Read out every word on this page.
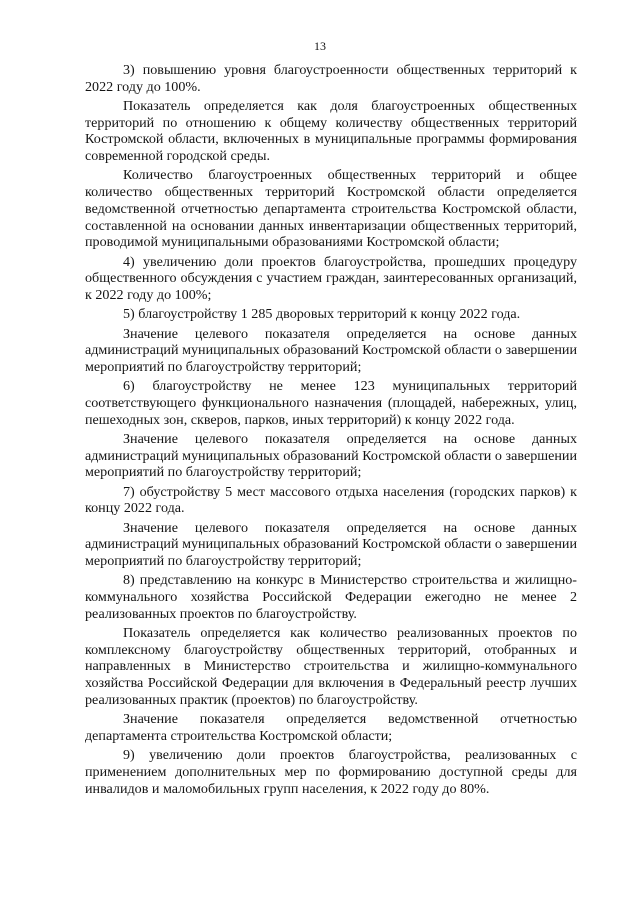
13

3) повышению уровня благоустроенности общественных территорий к 2022 году до 100%.

Показатель определяется как доля благоустроенных общественных территорий по отношению к общему количеству общественных территорий Костромской области, включенных в муниципальные программы формирования современной городской среды.

Количество благоустроенных общественных территорий и общее количество общественных территорий Костромской области определяется ведомственной отчетностью департамента строительства Костромской области, составленной на основании данных инвентаризации общественных территорий, проводимой муниципальными образованиями Костромской области;

4) увеличению доли проектов благоустройства, прошедших процедуру общественного обсуждения с участием граждан, заинтересованных организаций, к 2022 году до 100%;

5) благоустройству 1 285 дворовых территорий к концу 2022 года.

Значение целевого показателя определяется на основе данных администраций муниципальных образований Костромской области о завершении мероприятий по благоустройству территорий;

6) благоустройству не менее 123 муниципальных территорий соответствующего функционального назначения (площадей, набережных, улиц, пешеходных зон, скверов, парков, иных территорий) к концу 2022 года.

Значение целевого показателя определяется на основе данных администраций муниципальных образований Костромской области о завершении мероприятий по благоустройству территорий;

7) обустройству 5 мест массового отдыха населения (городских парков) к концу 2022 года.

Значение целевого показателя определяется на основе данных администраций муниципальных образований Костромской области о завершении мероприятий по благоустройству территорий;

8) представлению на конкурс в Министерство строительства и жилищно-коммунального хозяйства Российской Федерации ежегодно не менее 2 реализованных проектов по благоустройству.

Показатель определяется как количество реализованных проектов по комплексному благоустройству общественных территорий, отобранных и направленных в Министерство строительства и жилищно-коммунального хозяйства Российской Федерации для включения в Федеральный реестр лучших реализованных практик (проектов) по благоустройству.

Значение показателя определяется ведомственной отчетностью департамента строительства Костромской области;

9) увеличению доли проектов благоустройства, реализованных с применением дополнительных мер по формированию доступной среды для инвалидов и маломобильных групп населения, к 2022 году до 80%.
